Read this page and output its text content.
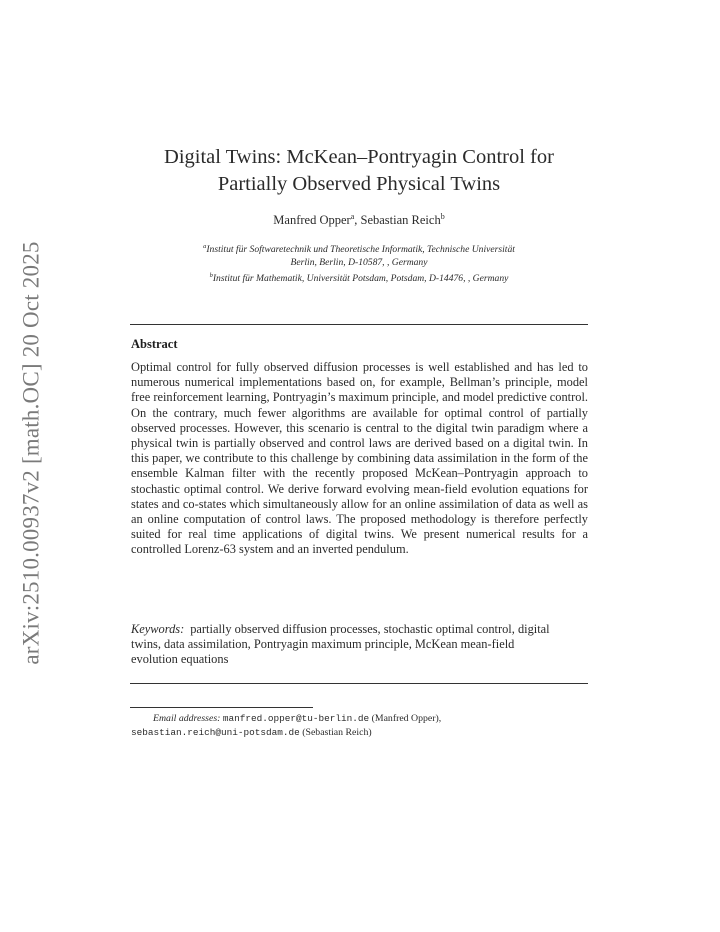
arXiv:2510.00937v2 [math.OC] 20 Oct 2025
Digital Twins: McKean–Pontryagin Control for
Partially Observed Physical Twins
Manfred Opper$^a$, Sebastian Reich$^b$
$^a$Institut für Softwaretechnik und Theoretische Informatik, Technische Universität
Berlin, Berlin, D-10587, , Germany
$^b$Institut für Mathematik, Universität Potsdam, Potsdam, D-14476, , Germany
Abstract

Optimal control for fully observed diffusion processes is well established and has led to numerous numerical implementations based on, for example, Bellman’s principle, model free reinforcement learning, Pontryagin’s maximum principle, and model predictive control. On the contrary, much fewer algorithms are available for optimal control of partially observed processes. However, this scenario is central to the digital twin paradigm where a physical twin is partially observed and control laws are derived based on a digital twin. In this paper, we contribute to this challenge by combining data assimilation in the form of the ensemble Kalman filter with the recently proposed McKean–Pontryagin approach to stochastic optimal control. We derive forward evolving mean-field evolution equations for states and co-states which simultaneously allow for an online assimilation of data as well as an online computation of control laws. The proposed methodology is therefore perfectly suited for real time applications of digital twins. We present numerical results for a controlled Lorenz-63 system and an inverted pendulum.

Keywords: partially observed diffusion processes, stochastic optimal control, digital twins, data assimilation, Pontryagin maximum principle, McKean mean-field evolution equations

Email addresses: manfred.opper@tu-berlin.de (Manfred Opper),
sebastian.reich@uni-potsdam.de (Sebastian Reich)
